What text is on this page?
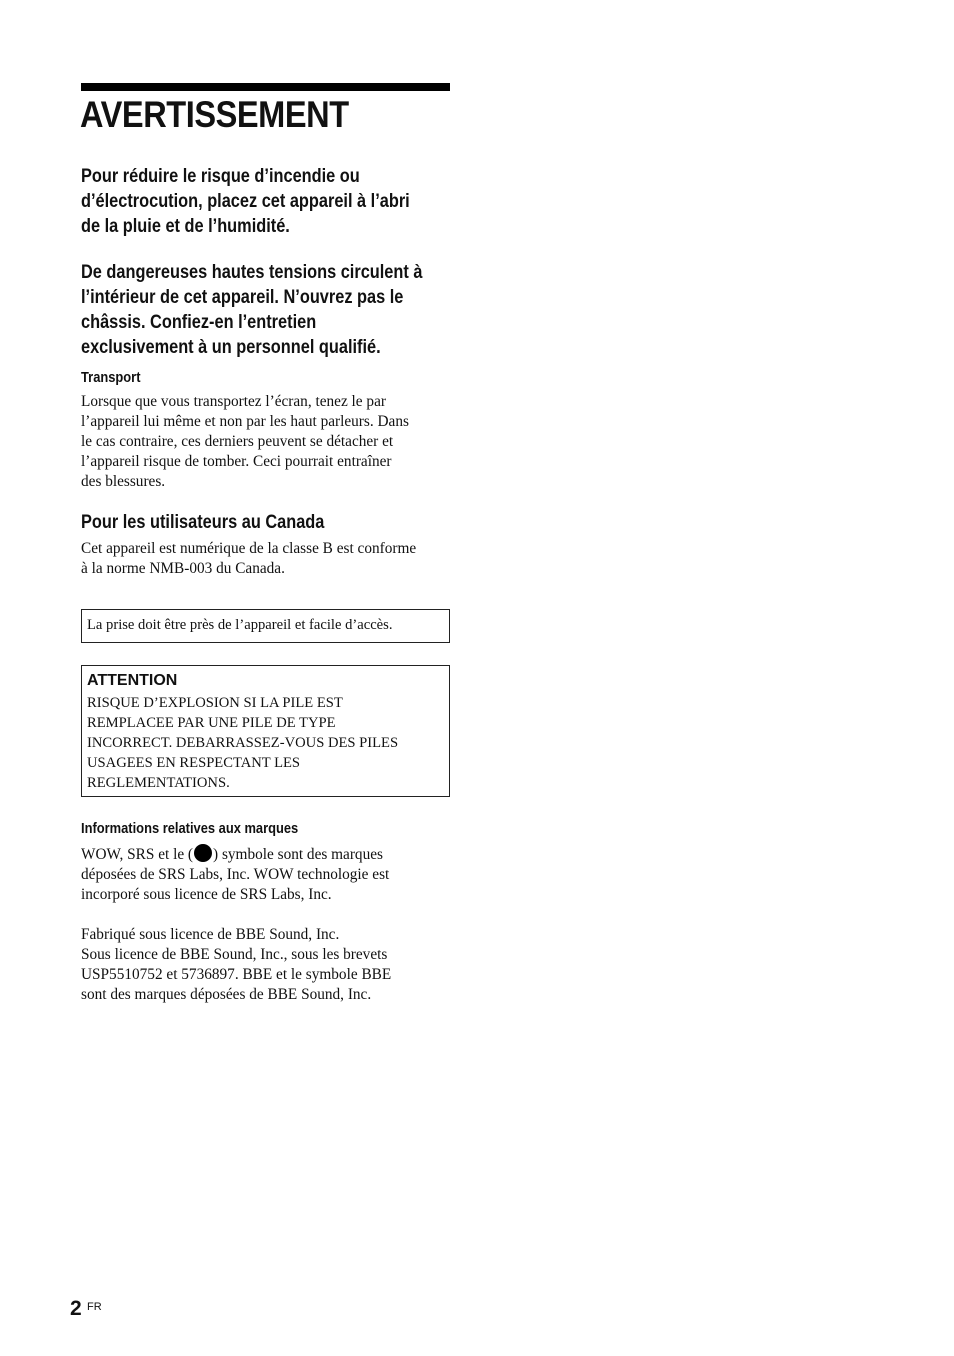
AVERTISSEMENT

Pour réduire le risque d’incendie ou
d’électrocution, placez cet appareil à l’abri
de la pluie et de l’humidité.

De dangereuses hautes tensions circulent à
l’intérieur de cet appareil. N’ouvrez pas le
châssis. Confiez-en l’entretien
exclusivement à un personnel qualifié.

Transport

Lorsque que vous transportez l’écran, tenez le par
l’appareil lui même et non par les haut parleurs. Dans
le cas contraire, ces derniers peuvent se détacher et
l’appareil risque de tomber. Ceci pourrait entraîner
des blessures.

Pour les utilisateurs au Canada

Cet appareil est numérique de la classe B est conforme
à la norme NMB-003 du Canada.

La prise doit être près de l’appareil et facile d’accès.

ATTENTION

RISQUE D’EXPLOSION SI LA PILE EST
REMPLACEE PAR UNE PILE DE TYPE
INCORRECT. DEBARRASSEZ-VOUS DES PILES
USAGEES EN RESPECTANT LES
REGLEMENTATIONS.

Informations relatives aux marques

WOW, SRS et le ( ) symbole sont des marques

déposées de SRS Labs, Inc. WOW technologie est
incorporé sous licence de SRS Labs, Inc.

Fabriqué sous licence de BBE Sound, Inc.
Sous licence de BBE Sound, Inc., sous les brevets
USP5510752 et 5736897. BBE et le symbole BBE
sont des marques déposées de BBE Sound, Inc.

2 FR
